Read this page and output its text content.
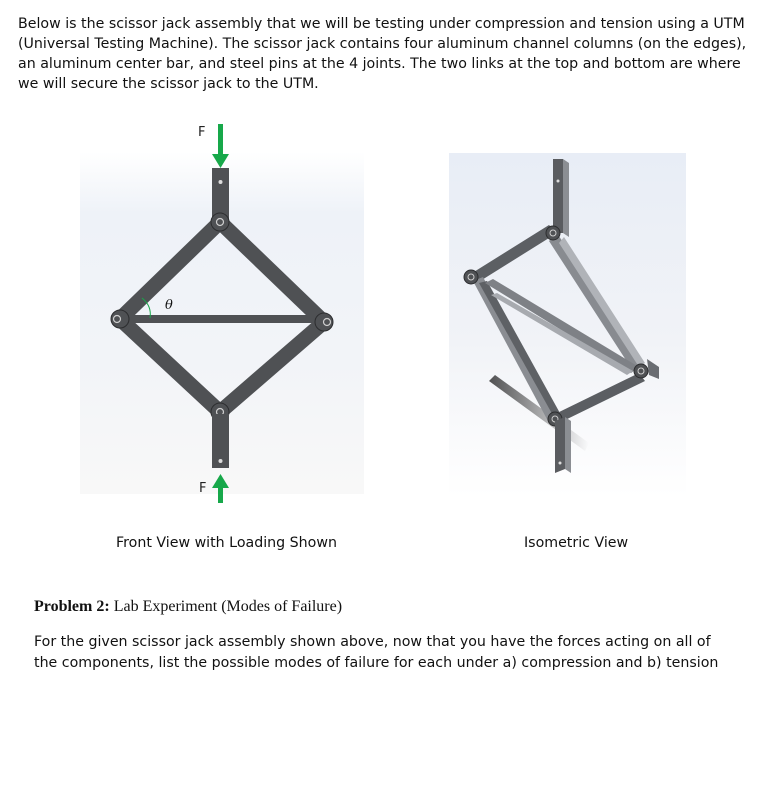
Below is the scissor jack assembly that we will be testing under compression and tension using a UTM (Universal Testing Machine). The scissor jack contains four aluminum channel columns (on the edges), an aluminum center bar, and steel pins at the 4 joints. The two links at the top and bottom are where we will secure the scissor jack to the UTM.

F
θ
F
Front View with Loading Shown	Isometric View
Problem 2: Lab Experiment (Modes of Failure)

For the given scissor jack assembly shown above, now that you have the forces acting on all of the components, list the possible modes of failure for each under a) compression and b) tension
